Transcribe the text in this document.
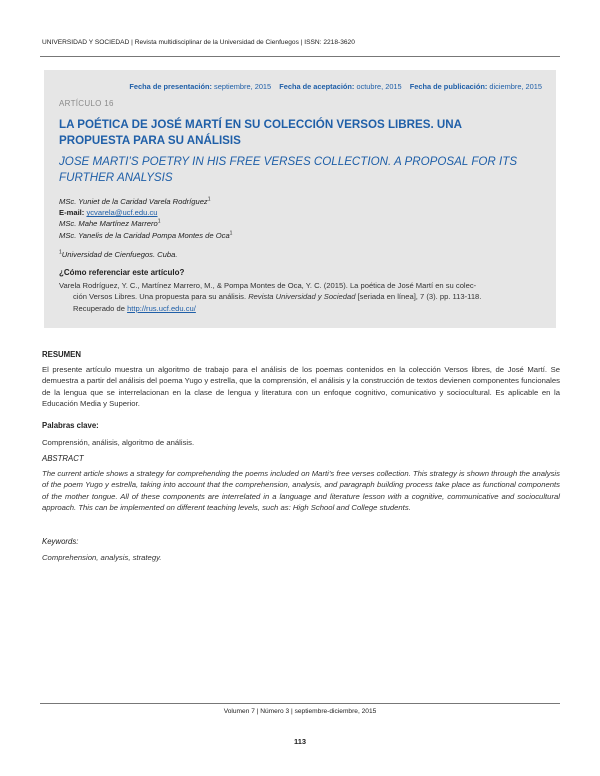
UNIVERSIDAD Y SOCIEDAD | Revista multidisciplinar de la Universidad de Cienfuegos | ISSN: 2218-3620
Fecha de presentación: septiembre, 2015 Fecha de aceptación: octubre, 2015 Fecha de publicación: diciembre, 2015
ARTÍCULO 16
LA POÉTICA DE JOSÉ MARTÍ EN SU COLECCIÓN VERSOS LIBRES. UNA PROPUESTA PARA SU ANÁLISIS
JOSE MARTI’S POETRY IN HIS FREE VERSES COLLECTION. A PROPOSAL FOR ITS FURTHER ANALYSIS
MSc. Yuniet de la Caridad Varela Rodríguez$^1$
E-mail: ycvarela@ucf.edu.cu
MSc. Mahe Martínez Marrero$^1$
MSc. Yanelis de la Caridad Pompa Montes de Oca$^1$
$^1$Universidad de Cienfuegos. Cuba.
¿Cómo referenciar este artículo?
Varela Rodríguez, Y. C., Martínez Marrero, M., & Pompa Montes de Oca, Y. C. (2015). La poética de José Martí en su colec-
ción Versos Libres. Una propuesta para su análisis. Revista Universidad y Sociedad [seriada en línea], 7 (3). pp. 113-118.
Recuperado de http://rus.ucf.edu.cu/
RESUMEN
El presente artículo muestra un algoritmo de trabajo para el análisis de los poemas contenidos en la colección Versos libres, de José Martí. Se demuestra a partir del análisis del poema Yugo y estrella, que la comprensión, el análisis y la construcción de textos devienen componentes funcionales de la lengua que se interrelacionan en la clase de lengua y literatura con un enfoque cognitivo, comunicativo y sociocultural. Es aplicable en la Educación Media y Superior.
Palabras clave:
Comprensión, análisis, algoritmo de análisis.
ABSTRACT
The current article shows a strategy for comprehending the poems included on Marti’s free verses collection. This strategy is shown through the analysis of the poem Yugo y estrella, taking into account that the comprehension, analysis, and paragraph building process take place as functional components of the mother tongue. All of these components are interrelated in a language and literature lesson with a cognitive, communicative and sociocultural approach. This can be implemented on different teaching levels, such as: High School and College students.
Keywords:
Comprehension, analysis, strategy.
Volumen 7 | Número 3 | septiembre-diciembre, 2015
113
